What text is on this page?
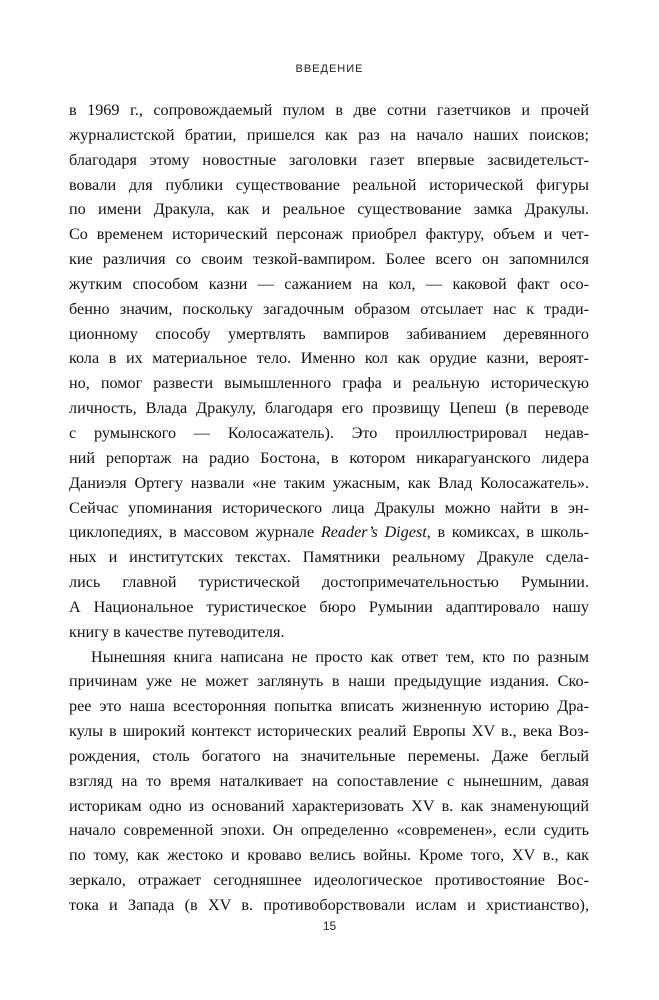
ВВЕДЕНИЕ
в 1969 г., сопровождаемый пулом в две сотни газетчиков и прочей
журналистской братии, пришелся как раз на начало наших поисков;
благодаря этому новостные заголовки газет впервые засвидетельст-
вовали для публики существование реальной исторической фигуры
по имени Дракула, как и реальное существование замка Дракулы.
Со временем исторический персонаж приобрел фактуру, объем и чет-
кие различия со своим тезкой-вампиром. Более всего он запомнился
жутким способом казни — сажанием на кол, — каковой факт осо-
бенно значим, поскольку загадочным образом отсылает нас к тради-
ционному способу умертвлять вампиров забиванием деревянного
кола в их материальное тело. Именно кол как орудие казни, вероят-
но, помог развести вымышленного графа и реальную историческую
личность, Влада Дракулу, благодаря его прозвищу Цепеш (в переводе
с румынского — Колосажатель). Это проиллюстрировал недав-
ний репортаж на радио Бостона, в котором никарагуанского лидера
Даниэля Ортегу назвали «не таким ужасным, как Влад Колосажатель».
Сейчас упоминания исторического лица Дракулы можно найти в эн-
циклопедиях, в массовом журнале Reader’s Digest, в комиксах, в школь-
ных и институтских текстах. Памятники реальному Дракуле сдела-
лись главной туристической достопримечательностью Румынии.
А Национальное туристическое бюро Румынии адаптировало нашу
книгу в качестве путеводителя.
Нынешняя книга написана не просто как ответ тем, кто по разным
причинам уже не может заглянуть в наши предыдущие издания. Ско-
рее это наша всесторонняя попытка вписать жизненную историю Дра-
кулы в широкий контекст исторических реалий Европы XV в., века Воз-
рождения, столь богатого на значительные перемены. Даже беглый
взгляд на то время наталкивает на сопоставление с нынешним, давая
историкам одно из оснований характеризовать XV в. как знаменующий
начало современной эпохи. Он определенно «современен», если судить
по тому, как жестоко и кроваво велись войны. Кроме того, XV в., как
зеркало, отражает сегодняшнее идеологическое противостояние Вос-
тока и Запада (в XV в. противоборствовали ислам и христианство),
15
